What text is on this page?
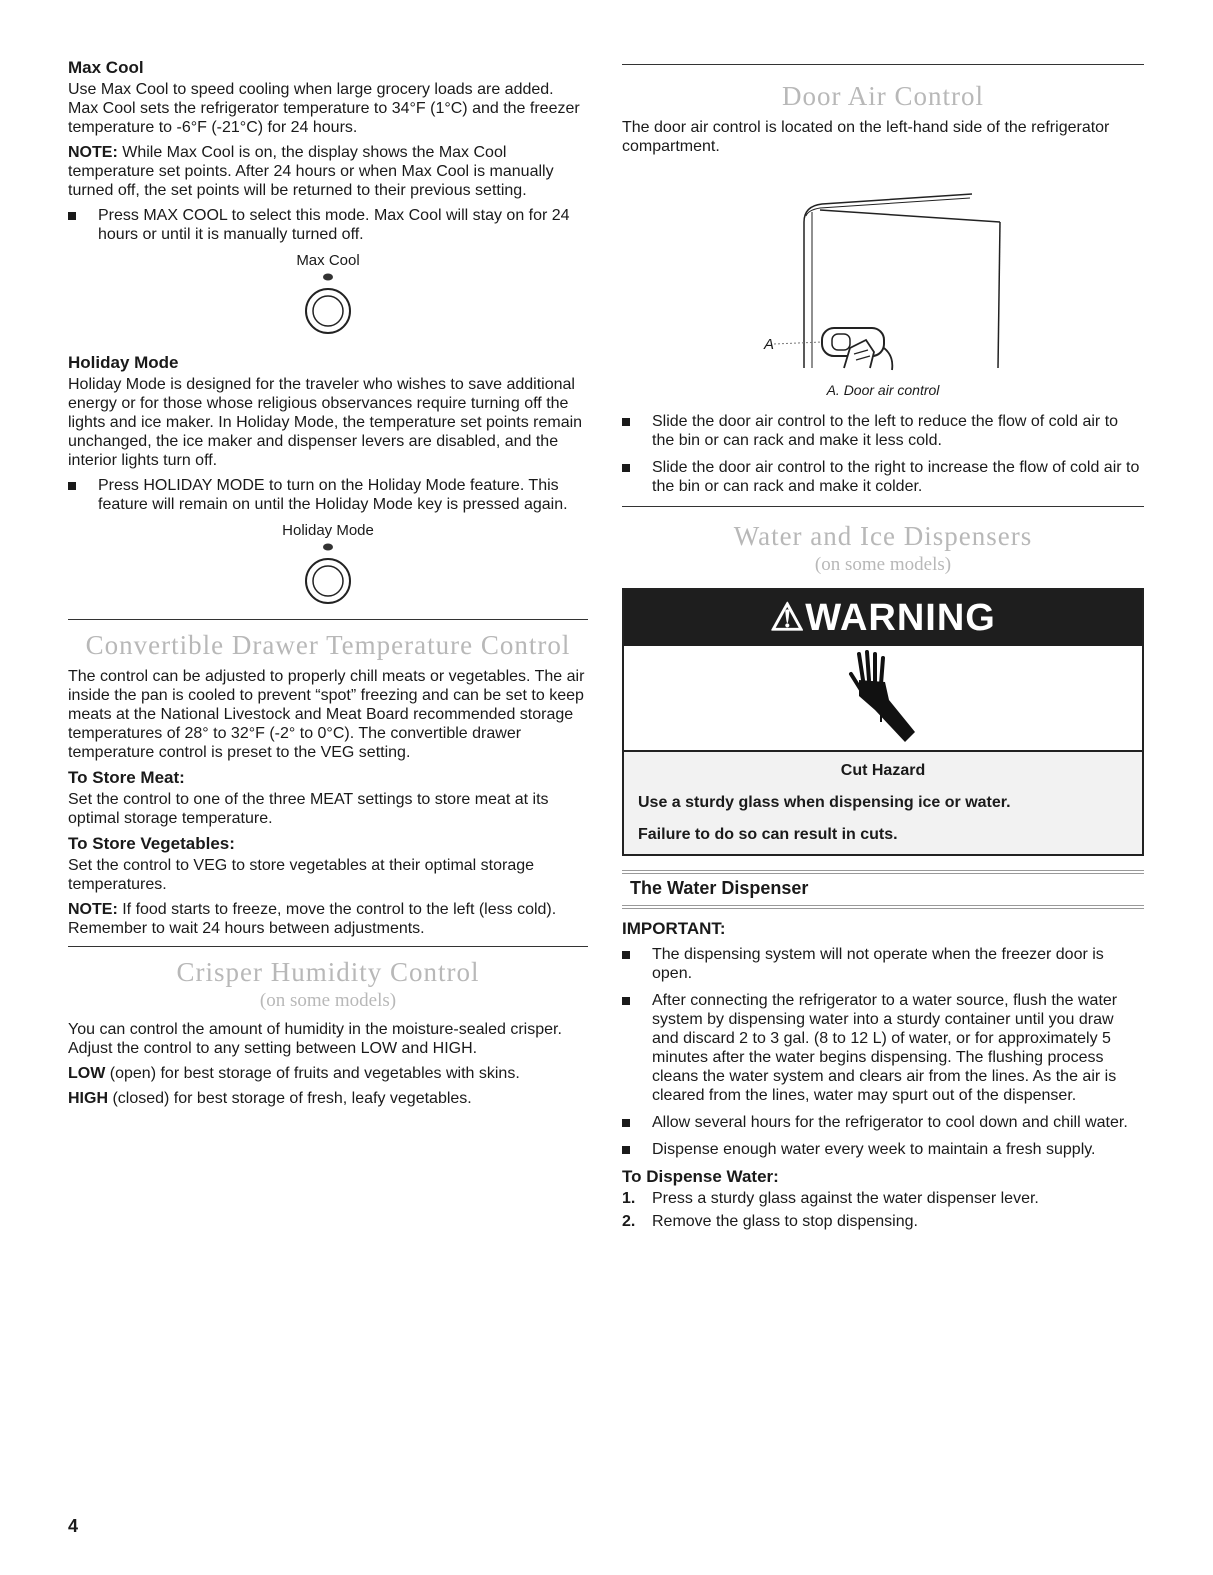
Max Cool

Use Max Cool to speed cooling when large grocery loads are added. Max Cool sets the refrigerator temperature to 34°F (1°C) and the freezer temperature to -6°F (-21°C) for 24 hours.

NOTE: While Max Cool is on, the display shows the Max Cool temperature set points. After 24 hours or when Max Cool is manually turned off, the set points will be returned to their previous setting.

Press MAX COOL to select this mode. Max Cool will stay on for 24 hours or until it is manually turned off.
Max Cool
Holiday Mode

Holiday Mode is designed for the traveler who wishes to save additional energy or for those whose religious observances require turning off the lights and ice maker. In Holiday Mode, the temperature set points remain unchanged, the ice maker and dispenser levers are disabled, and the interior lights turn off.

Press HOLIDAY MODE to turn on the Holiday Mode feature. This feature will remain on until the Holiday Mode key is pressed again.
Holiday Mode
Convertible Drawer Temperature Control

The control can be adjusted to properly chill meats or vegetables. The air inside the pan is cooled to prevent “spot” freezing and can be set to keep meats at the National Livestock and Meat Board recommended storage temperatures of 28° to 32°F (-2° to 0°C). The convertible drawer temperature control is preset to the VEG setting.

To Store Meat:

Set the control to one of the three MEAT settings to store meat at its optimal storage temperature.

To Store Vegetables:

Set the control to VEG to store vegetables at their optimal storage temperatures.

NOTE: If food starts to freeze, move the control to the left (less cold). Remember to wait 24 hours between adjustments.

Crisper Humidity Control
(on some models)

You can control the amount of humidity in the moisture-sealed crisper. Adjust the control to any setting between LOW and HIGH.

LOW (open) for best storage of fruits and vegetables with skins.

HIGH (closed) for best storage of fresh, leafy vegetables.

Door Air Control

The door air control is located on the left-hand side of the refrigerator compartment.

A
A. Door air control
Slide the door air control to the left to reduce the flow of cold air to the bin or can rack and make it less cold.
Slide the door air control to the right to increase the flow of cold air to the bin or can rack and make it colder.
Water and Ice Dispensers
(on some models)
⚠WARNING
Cut Hazard
Use a sturdy glass when dispensing ice or water.
Failure to do so can result in cuts.
The Water Dispenser
IMPORTANT:
The dispensing system will not operate when the freezer door is open.
After connecting the refrigerator to a water source, flush the water system by dispensing water into a sturdy container until you draw and discard 2 to 3 gal. (8 to 12 L) of water, or for approximately 5 minutes after the water begins dispensing. The flushing process cleans the water system and clears air from the lines. As the air is cleared from the lines, water may spurt out of the dispenser.
Allow several hours for the refrigerator to cool down and chill water.
Dispense enough water every week to maintain a fresh supply.
To Dispense Water:
1. Press a sturdy glass against the water dispenser lever.
2. Remove the glass to stop dispensing.
4
